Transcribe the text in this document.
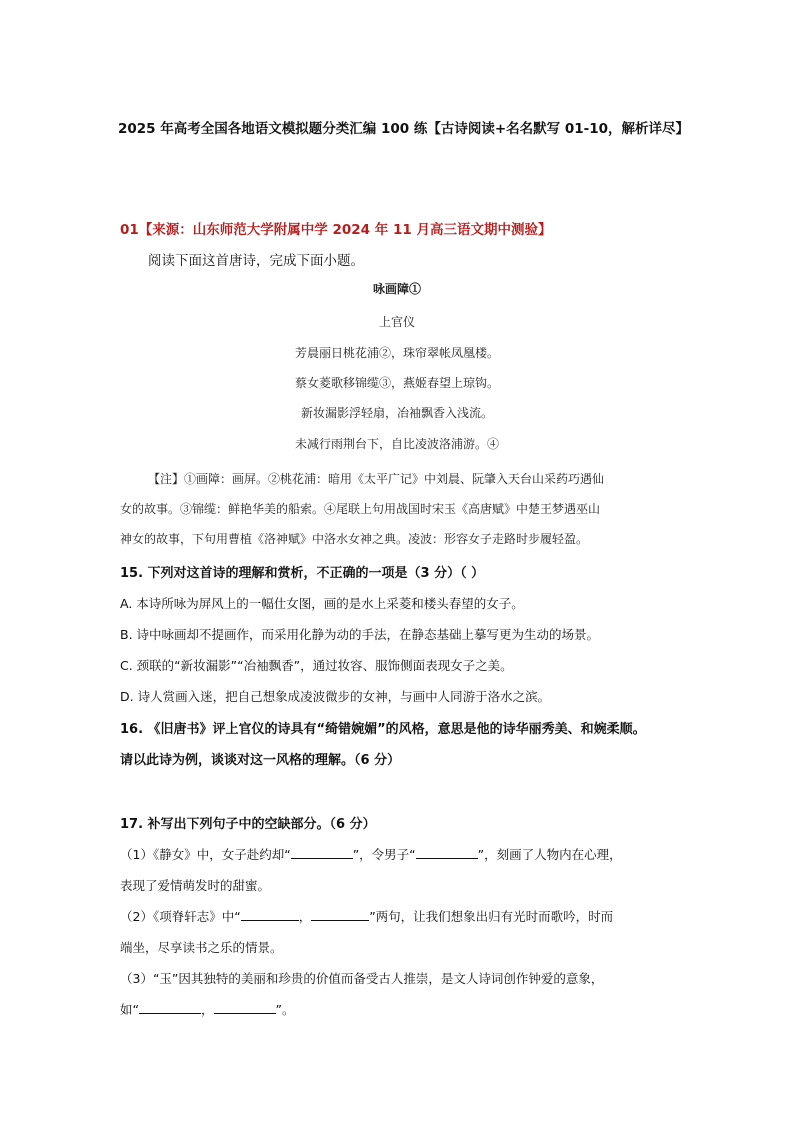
2025 年高考全国各地语文模拟题分类汇编 100 练【古诗阅读+名名默写 01-10，解析详尽】
01【来源：山东师范大学附属中学 2024 年 11 月高三语文期中测验】
阅读下面这首唐诗，完成下面小题。
咏画障①
上官仪
芳晨丽日桃花浦②，珠帘翠帐凤凰楼。
蔡女菱歌移锦缆③，燕姬春望上琼钩。
新妆漏影浮轻扇，冶袖飘香入浅流。
未减行雨荆台下，自比凌波洛浦游。④
【注】①画障：画屏。②桃花浦：暗用《太平广记》中刘晨、阮肇入天台山采药巧遇仙
女的故事。③锦缆：鲜艳华美的船索。④尾联上句用战国时宋玉《高唐赋》中楚王梦遇巫山
神女的故事，下句用曹植《洛神赋》中洛水女神之典。凌波：形容女子走路时步履轻盈。
15. 下列对这首诗的理解和赏析，不正确的一项是（3 分）（ ）
A. 本诗所咏为屏风上的一幅仕女图，画的是水上采菱和楼头春望的女子。
B. 诗中咏画却不提画作，而采用化静为动的手法，在静态基础上摹写更为生动的场景。
C. 颈联的“新妆漏影”“冶袖飘香”，通过妆容、服饰侧面表现女子之美。
D. 诗人赏画入迷，把自己想象成凌波微步的女神，与画中人同游于洛水之滨。
16. 《旧唐书》评上官仪的诗具有“绮错婉媚”的风格，意思是他的诗华丽秀美、和婉柔顺。
请以此诗为例，谈谈对这一风格的理解。（6 分）
17. 补写出下列句子中的空缺部分。（6 分）
（1）《静女》中，女子赴约却“	”，令男子“	”，刻画了人物内在心理，
表现了爱情萌发时的甜蜜。
（2）《项脊轩志》中“	，	”两句，让我们想象出归有光时而歌吟，时而
端坐，尽享读书之乐的情景。
（3）“玉”因其独特的美丽和珍贵的价值而备受古人推崇，是文人诗词创作钟爱的意象，
如“	，	”。
